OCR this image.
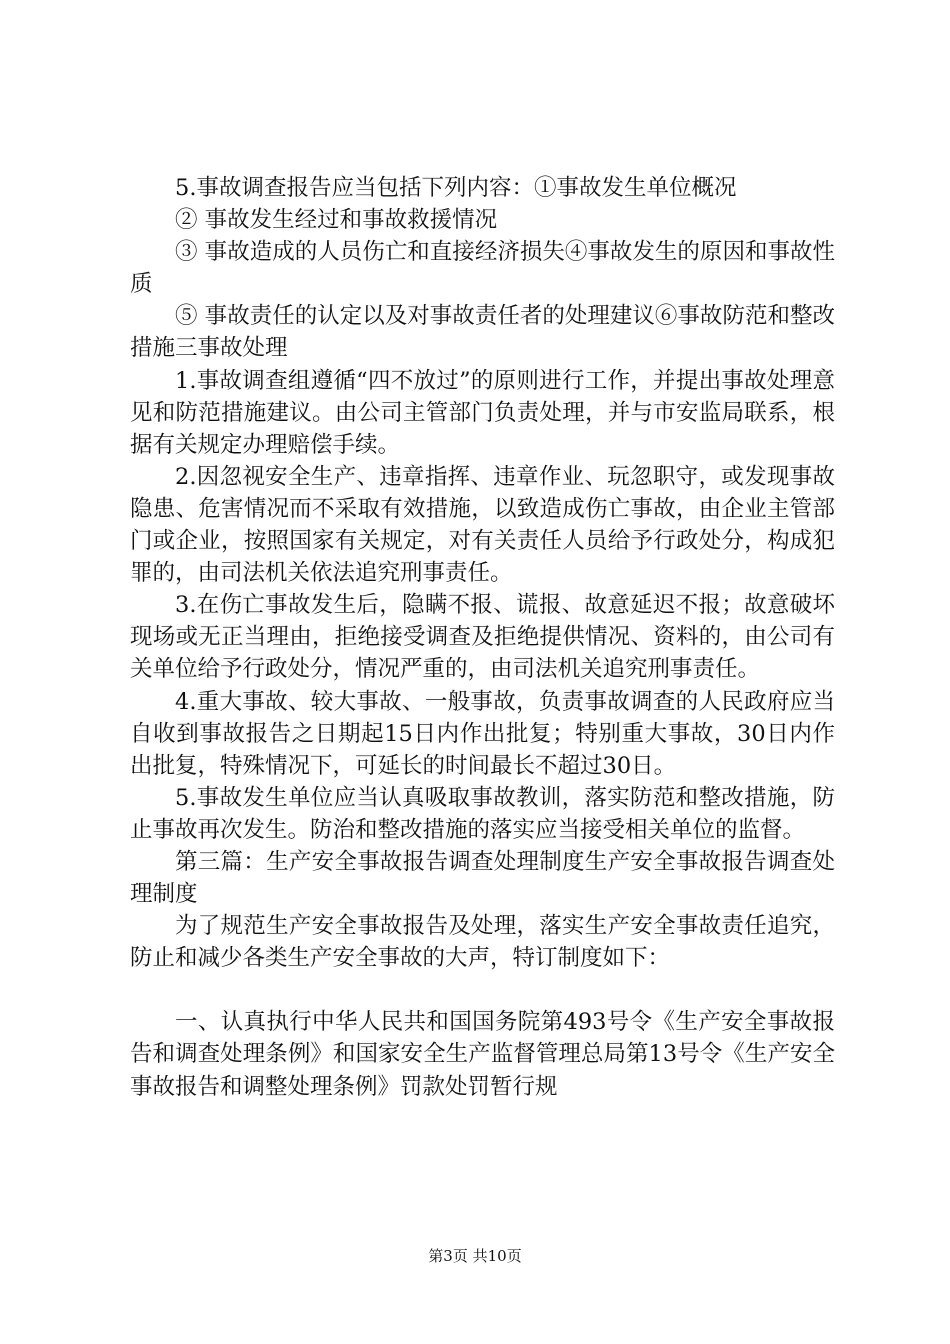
5.事故调查报告应当包括下列内容：①事故发生单位概况

② 事故发生经过和事故救援情况

③ 事故造成的人员伤亡和直接经济损失④事故发生的原因和事故性质

⑤ 事故责任的认定以及对事故责任者的处理建议⑥事故防范和整改措施三事故处理

1.事故调查组遵循“四不放过”的原则进行工作，并提出事故处理意见和防范措施建议。由公司主管部门负责处理，并与市安监局联系，根据有关规定办理赔偿手续。

2.因忽视安全生产、违章指挥、违章作业、玩忽职守，或发现事故隐患、危害情况而不采取有效措施，以致造成伤亡事故，由企业主管部门或企业，按照国家有关规定，对有关责任人员给予行政处分，构成犯罪的，由司法机关依法追究刑事责任。

3.在伤亡事故发生后，隐瞒不报、谎报、故意延迟不报；故意破坏现场或无正当理由，拒绝接受调查及拒绝提供情况、资料的，由公司有关单位给予行政处分，情况严重的，由司法机关追究刑事责任。

4.重大事故、较大事故、一般事故，负责事故调查的人民政府应当自收到事故报告之日期起15日内作出批复；特别重大事故，30日内作出批复，特殊情况下，可延长的时间最长不超过30日。

5.事故发生单位应当认真吸取事故教训，落实防范和整改措施，防止事故再次发生。防治和整改措施的落实应当接受相关单位的监督。

第三篇：生产安全事故报告调查处理制度生产安全事故报告调查处理制度

为了规范生产安全事故报告及处理，落实生产安全事故责任追究，防止和减少各类生产安全事故的大声，特订制度如下：

一、认真执行中华人民共和国国务院第493号令《生产安全事故报告和调查处理条例》和国家安全生产监督管理总局第13号令《生产安全事故报告和调整处理条例》罚款处罚暂行规

第3页 共10页
